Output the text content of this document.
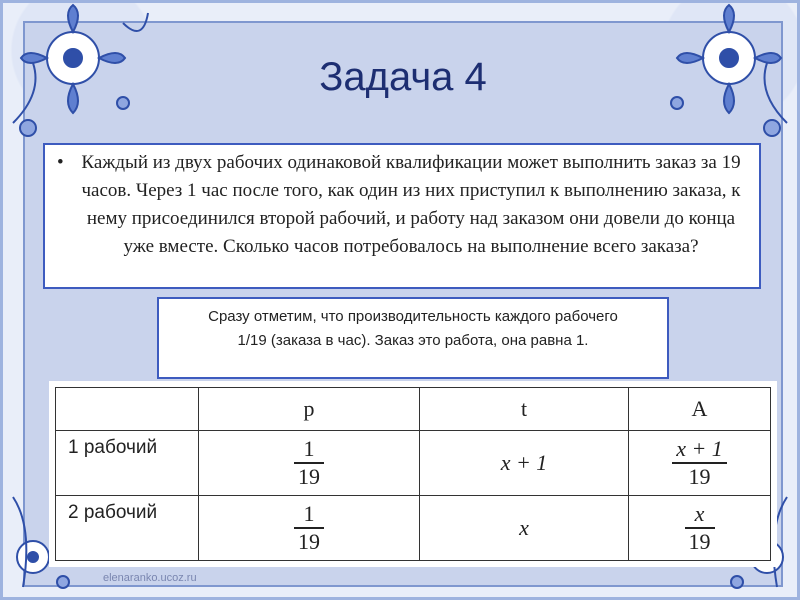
Задача 4
• Каждый из двух рабочих одинаковой квалификации может выполнить заказ за 19 часов. Через 1 час после того, как один из них приступил к выполнению заказа, к нему присоединился второй рабочий, и работу над заказом они довели до конца уже вместе. Сколько часов потребовалось на выполнение всего заказа?
Сразу отметим, что производительность каждого рабочего
1/19 (заказа в час). Заказ это работа, она равна 1.
	p	t	A
1 рабочий	$\frac{1}{19}$	x + 1	$\frac{x + 1}{19}$

2 рабочий	$\frac{1}{19}$	x	$\frac{x}{19}$
elenaranko.ucoz.ru
